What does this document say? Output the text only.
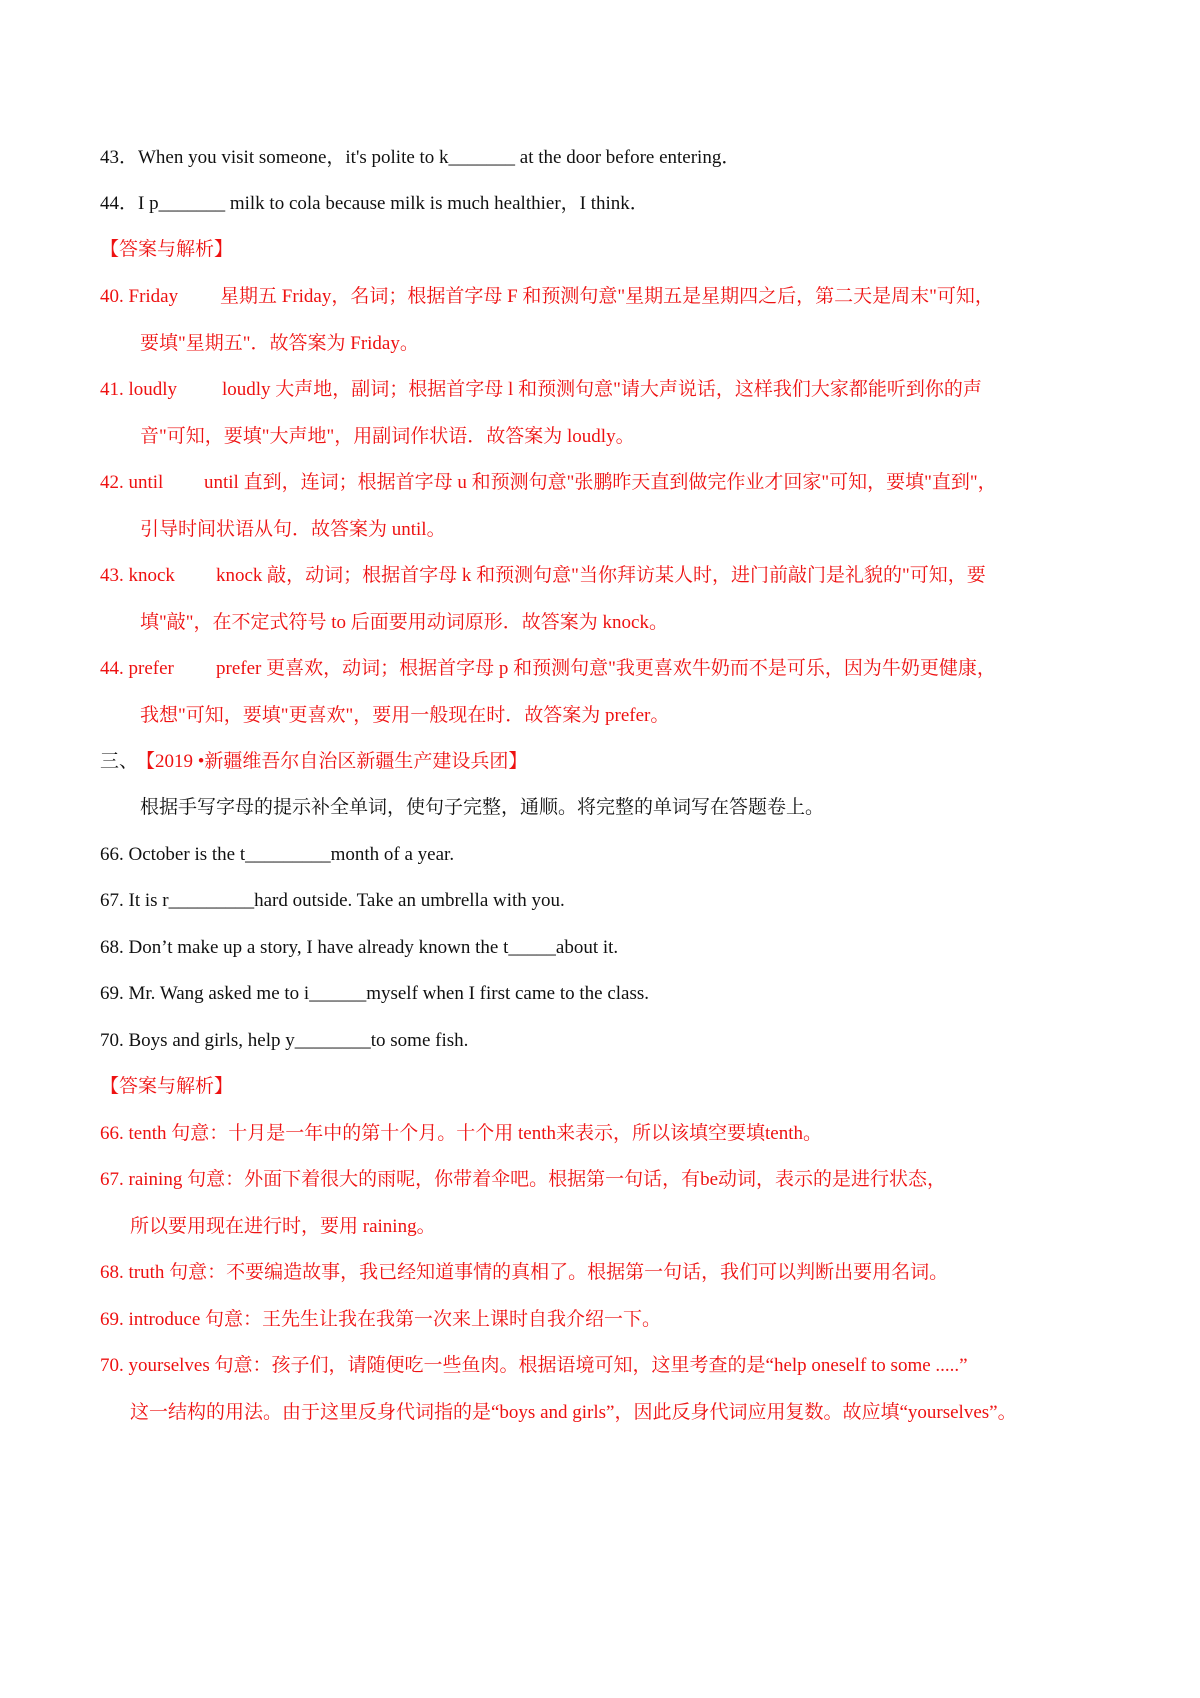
43．When you visit someone，it's polite to k_______ at the door before entering．
44．I p_______ milk to cola because milk is much healthier，I think．
【答案与解析】
40. Friday 星期五 Friday，名词；根据首字母 F 和预测句意"星期五是星期四之后，第二天是周末"可知，
要填"星期五"．故答案为 Friday。
41. loudly loudly 大声地，副词；根据首字母 l 和预测句意"请大声说话，这样我们大家都能听到你的声
音"可知，要填"大声地"，用副词作状语．故答案为 loudly。
42. until until 直到，连词；根据首字母 u 和预测句意"张鹏昨天直到做完作业才回家"可知，要填"直到"，
引导时间状语从句．故答案为 until。
43. knock knock 敲，动词；根据首字母 k 和预测句意"当你拜访某人时，进门前敲门是礼貌的"可知，要
填"敲"，在不定式符号 to 后面要用动词原形．故答案为 knock。
44. prefer prefer 更喜欢，动词；根据首字母 p 和预测句意"我更喜欢牛奶而不是可乐，因为牛奶更健康，
我想"可知，要填"更喜欢"，要用一般现在时．故答案为 prefer。
三、
【2019 •新疆维吾尔自治区新疆生产建设兵团】
根据手写字母的提示补全单词，使句子完整，通顺。将完整的单词写在答题卷上。
66. October is the t_________month of a year.
67. It is r_________hard outside. Take an umbrella with you.
68. Don’t make up a story, I have already known the t_____about it.
69. Mr. Wang asked me to i______myself when I first came to the class.
70. Boys and girls, help y________to some fish.
【答案与解析】
66. tenth 句意：十月是一年中的第十个月。十个用 tenth来表示，所以该填空要填tenth。
67. raining 句意：外面下着很大的雨呢，你带着伞吧。根据第一句话，有be动词，表示的是进行状态，
所以要用现在进行时，要用 raining。
68. truth 句意：不要编造故事，我已经知道事情的真相了。根据第一句话，我们可以判断出要用名词。
69. introduce 句意：王先生让我在我第一次来上课时自我介绍一下。
70. yourselves 句意：孩子们，请随便吃一些鱼肉。根据语境可知，这里考查的是“help oneself to some .....”
这一结构的用法。由于这里反身代词指的是“boys and girls”，因此反身代词应用复数。故应填“yourselves”。
